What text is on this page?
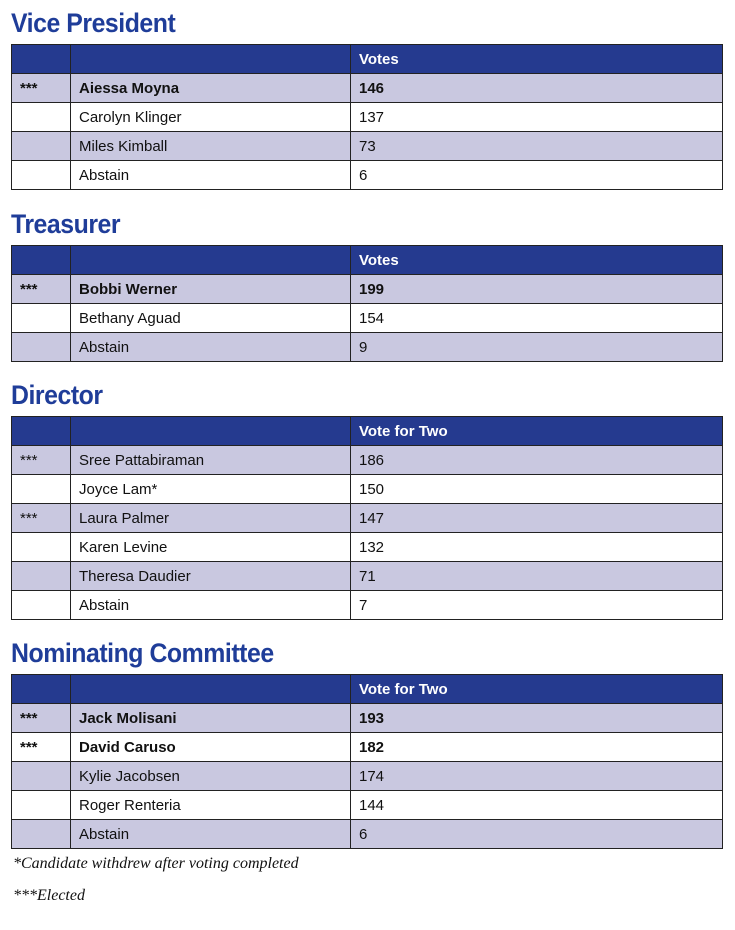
Vice President
		Votes
***	Aiessa Moyna	146
	Carolyn Klinger	137
	Miles Kimball	73
	Abstain	6
Treasurer
		Votes
***	Bobbi Werner	199
	Bethany Aguad	154
	Abstain	9
Director
		Vote for Two
***	Sree Pattabiraman	186
	Joyce Lam*	150
***	Laura Palmer	147
	Karen Levine	132
	Theresa Daudier	71
	Abstain	7
Nominating Committee
		Vote for Two
***	Jack Molisani	193
***	David Caruso	182
	Kylie Jacobsen	174
	Roger Renteria	144
	Abstain	6
*Candidate withdrew after voting completed
***Elected
